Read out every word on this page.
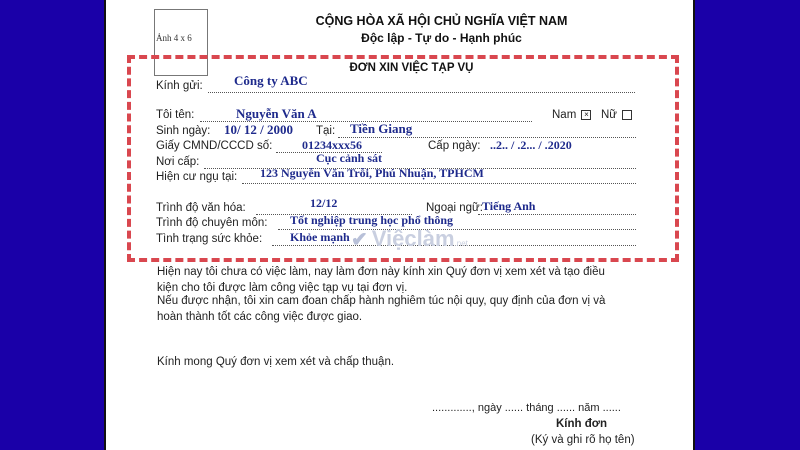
Ảnh 4 x 6
CỘNG HÒA XÃ HỘI CHỦ NGHĨA VIỆT NAM
Độc lập - Tự do - Hạnh phúc
ĐƠN XIN VIỆC TẠP VỤ
Kính gửi: Công ty ABC
Tôi tên:	Nguyễn Văn A	Nam × Nữ
Sinh ngày: 10/ 12 / 2000 Tại: Tiền Giang
Giấy CMND/CCCD số: 01234xxx56	Cấp ngày: ..2.. / .2... / .2020
Nơi cấp:	Cục cảnh sát
Hiện cư ngụ tại: 123 Nguyễn Văn Trỗi, Phú Nhuận, TPHCM
Trình độ văn hóa:	12/12	Ngoại ngữ: Tiếng Anh
Trình độ chuyên môn: Tốt nghiệp trung học phổ thông
Tình trạng sức khỏe: Khỏe mạnh ✔ Việclàm.net
Hiện nay tôi chưa có việc làm, nay làm đơn này kính xin Quý đơn vị xem xét và tạo điều
kiện cho tôi được làm công việc tạp vụ tại đơn vị.
Nếu được nhận, tôi xin cam đoan chấp hành nghiêm túc nội quy, quy định của đơn vị và
hoàn thành tốt các công việc được giao.
Kính mong Quý đơn vị xem xét và chấp thuận.
............., ngày ...... tháng ...... năm ......
Kính đơn
(Ký và ghi rõ họ tên)
